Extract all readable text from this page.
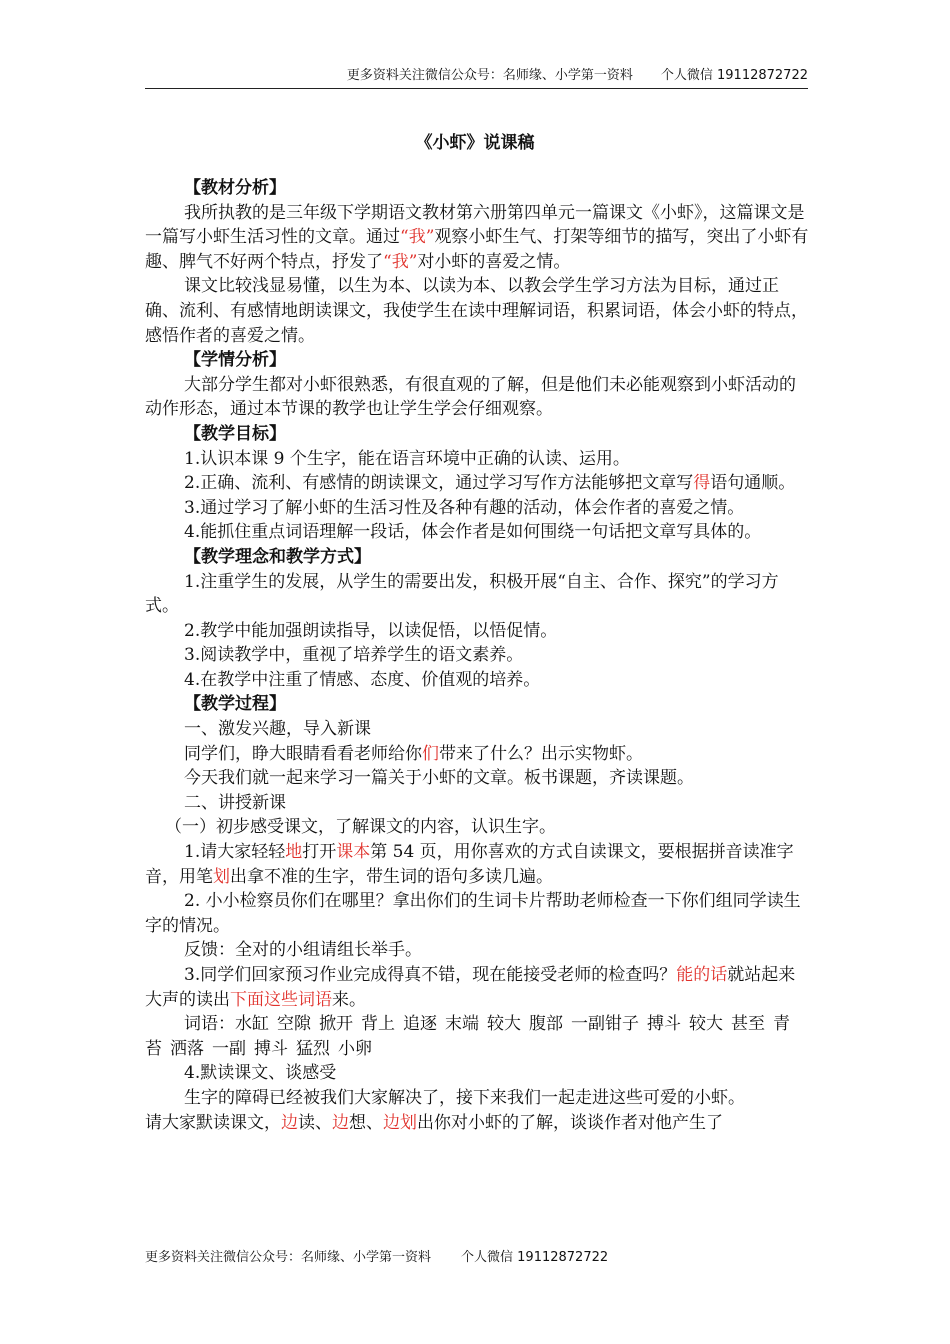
更多资料关注微信公众号：名师缘、小学第一资料 个人微信 19112872722
《小虾》说课稿

【教材分析】

我所执教的是三年级下学期语文教材第六册第四单元一篇课文《小虾》，这篇课文是一篇写小虾生活习性的文章。通过“我”观察小虾生气、打架等细节的描写，突出了小虾有趣、脾气不好两个特点，抒发了“我”对小虾的喜爱之情。

课文比较浅显易懂，以生为本、以读为本、以教会学生学习方法为目标，通过正确、流利、有感情地朗读课文，我使学生在读中理解词语，积累词语，体会小虾的特点，感悟作者的喜爱之情。

【学情分析】

大部分学生都对小虾很熟悉，有很直观的了解，但是他们未必能观察到小虾活动的动作形态，通过本节课的教学也让学生学会仔细观察。

【教学目标】

1.认识本课 9 个生字，能在语言环境中正确的认读、运用。

2.正确、流利、有感情的朗读课文，通过学习写作方法能够把文章写得语句通顺。

3.通过学习了解小虾的生活习性及各种有趣的活动，体会作者的喜爱之情。

4.能抓住重点词语理解一段话，体会作者是如何围绕一句话把文章写具体的。

【教学理念和教学方式】

1.注重学生的发展，从学生的需要出发，积极开展“自主、合作、探究”的学习方式。

2.教学中能加强朗读指导，以读促悟，以悟促情。

3.阅读教学中，重视了培养学生的语文素养。

4.在教学中注重了情感、态度、价值观的培养。

【教学过程】

一、激发兴趣，导入新课

同学们，睁大眼睛看看老师给你们带来了什么？出示实物虾。

今天我们就一起来学习一篇关于小虾的文章。板书课题，齐读课题。

二、讲授新课

（一）初步感受课文，了解课文的内容，认识生字。

1.请大家轻轻地打开课本第 54 页，用你喜欢的方式自读课文，要根据拼音读准字音，用笔划出拿不准的生字，带生词的语句多读几遍。

2. 小小检察员你们在哪里？拿出你们的生词卡片帮助老师检查一下你们组同学读生字的情况。

反馈：全对的小组请组长举手。

3.同学们回家预习作业完成得真不错，现在能接受老师的检查吗？能的话就站起来大声的读出下面这些词语来。

词语：水缸 空隙 掀开 背上 追逐 末端 较大 腹部 一副钳子 搏斗 较大 甚至 青苔 洒落 一副 搏斗 猛烈 小卵

4.默读课文、谈感受

生字的障碍已经被我们大家解决了，接下来我们一起走进这些可爱的小虾。

请大家默读课文，边读、边想、边划出你对小虾的了解，谈谈作者对他产生了

更多资料关注微信公众号：名师缘、小学第一资料 个人微信 19112872722
